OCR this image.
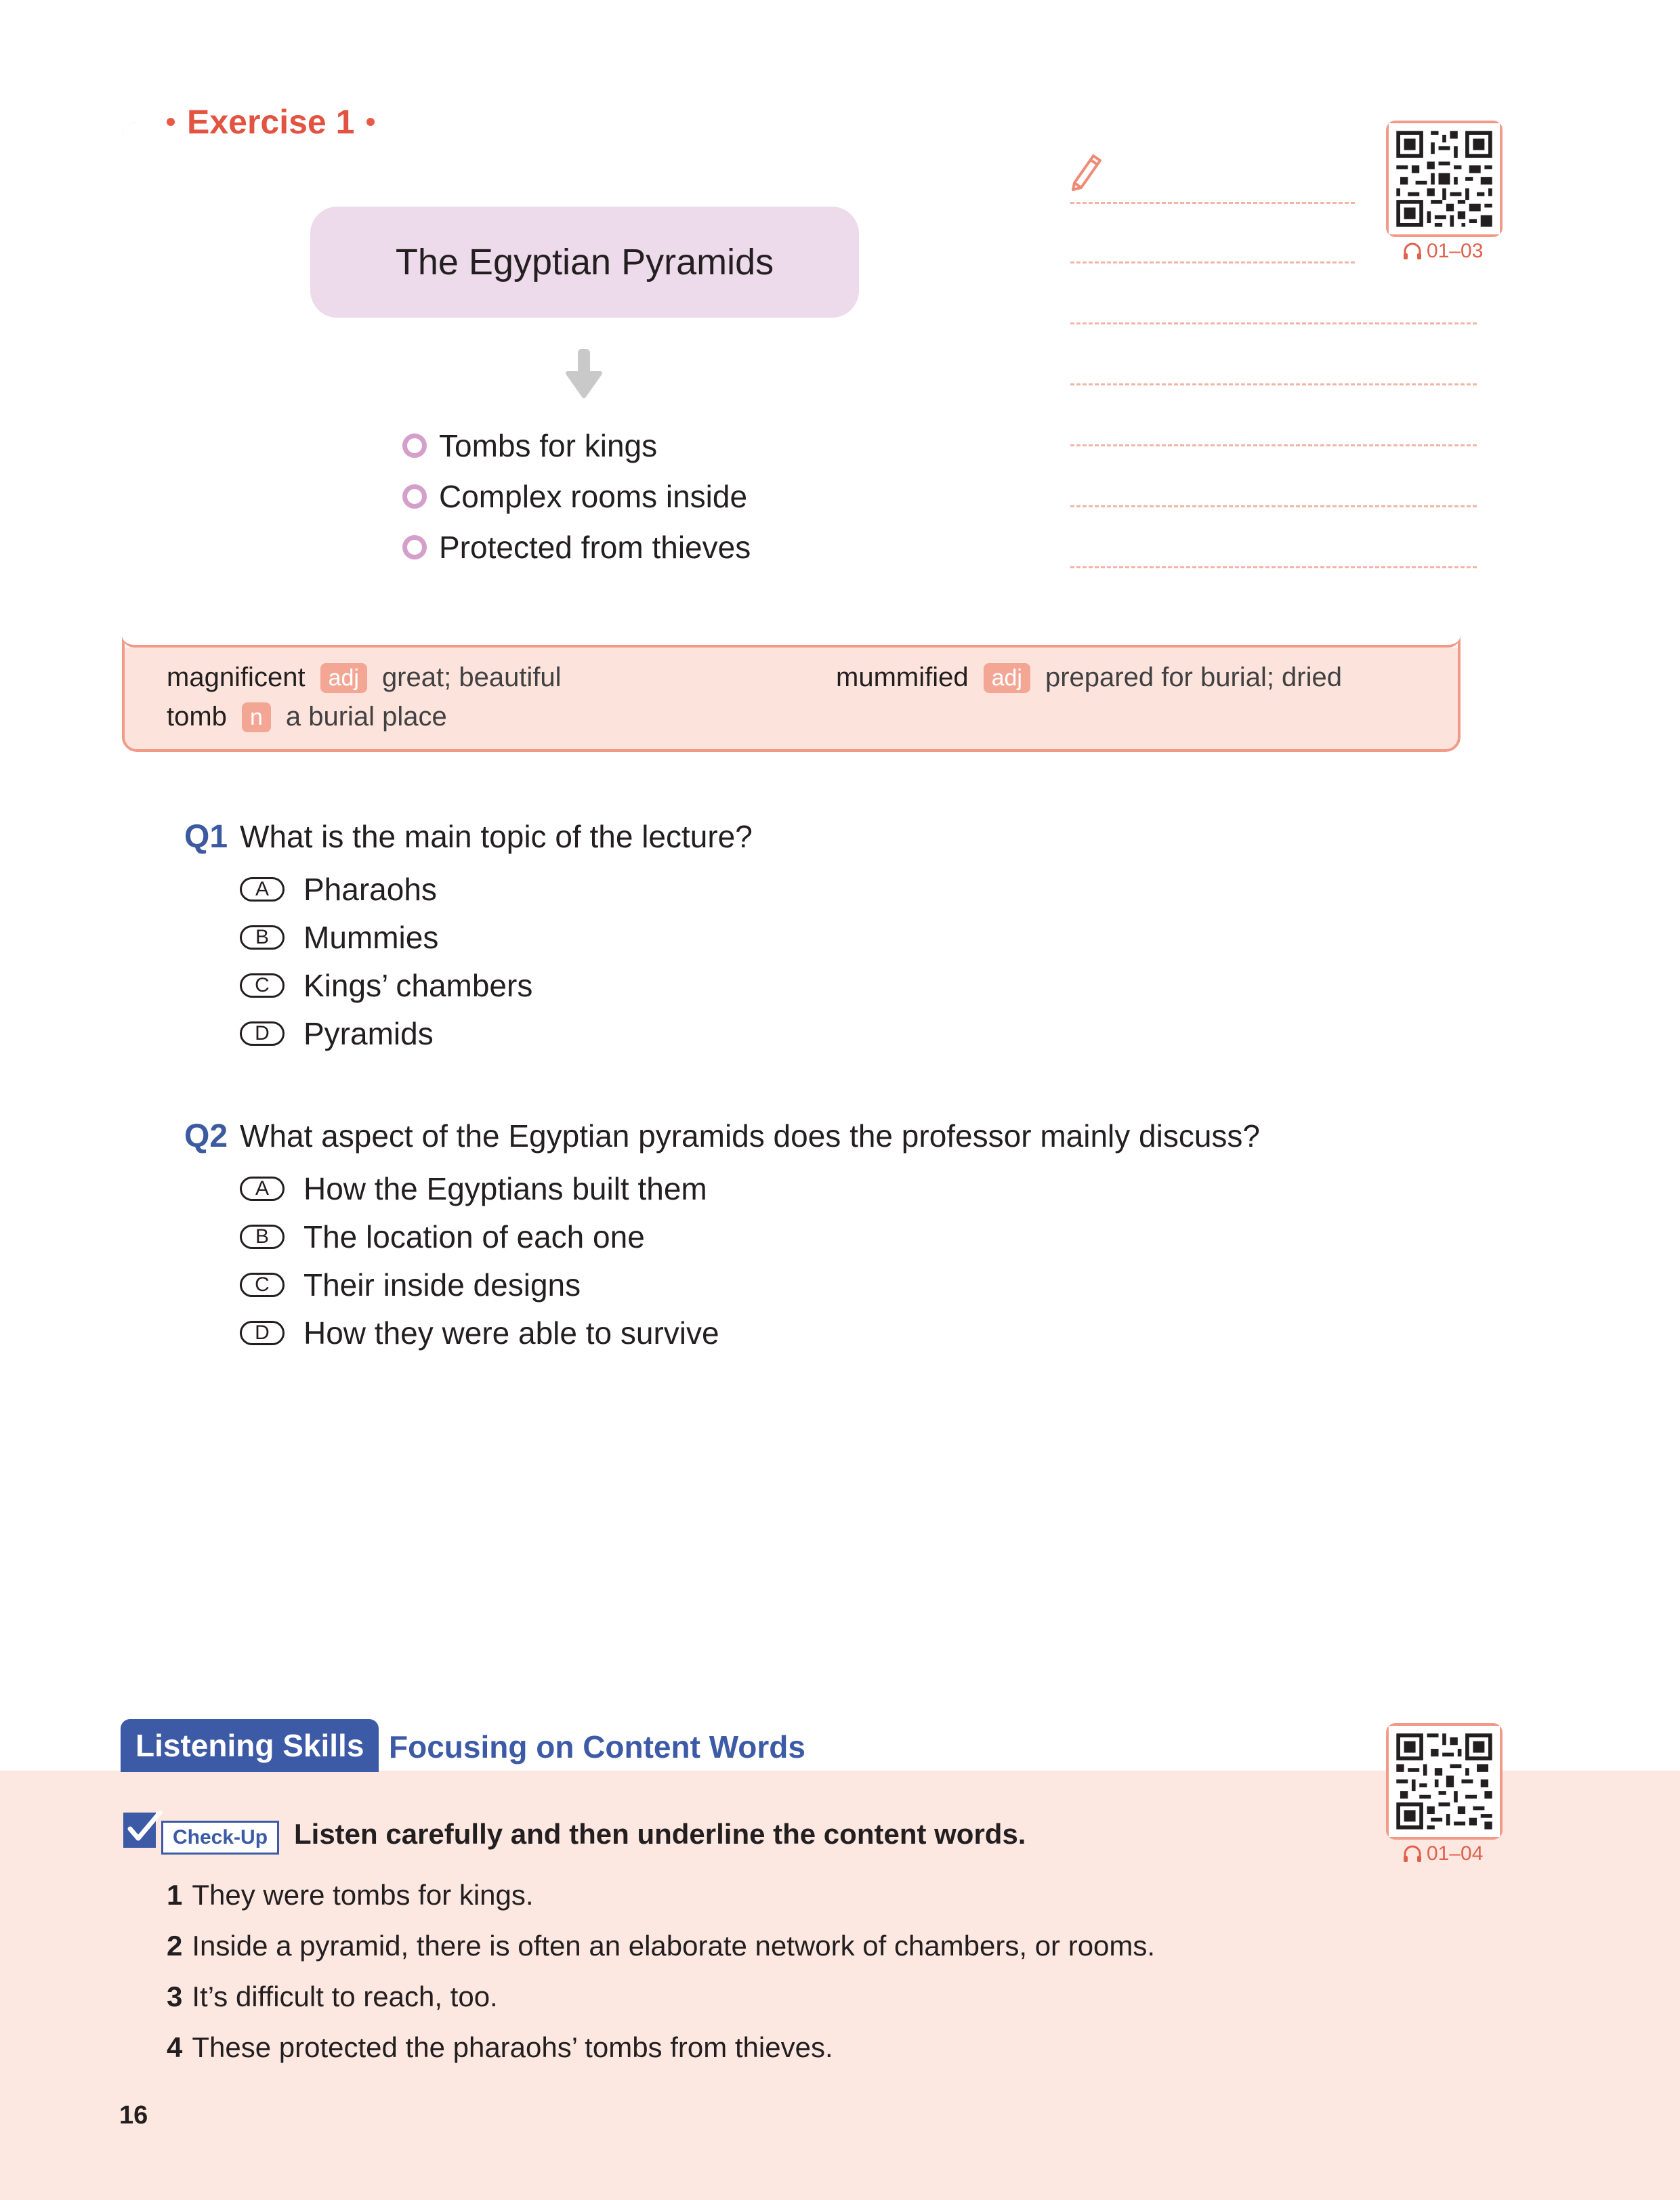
Exercise 1
The Egyptian Pyramids
Tombs for kings
Complex rooms inside
Protected from thieves
01–03
magnificent	adj great; beautiful	mummified	adj prepared for burial; dried
tomb	n a burial place
Q1 What is the main topic of the lecture?
A	Pharaohs
B	Mummies
C	Kings’ chambers
D	Pyramids
Q2 What aspect of the Egyptian pyramids does the professor mainly discuss?
A	How the Egyptians built them
B	The location of each one
C	Their inside designs
D	How they were able to survive
Listening Skills Focusing on Content Words
01–04
Check-Up Listen carefully and then underline the content words.
1 They were tombs for kings.
2 Inside a pyramid, there is often an elaborate network of chambers, or rooms.
3 It’s difficult to reach, too.
4 These protected the pharaohs’ tombs from thieves.
16
